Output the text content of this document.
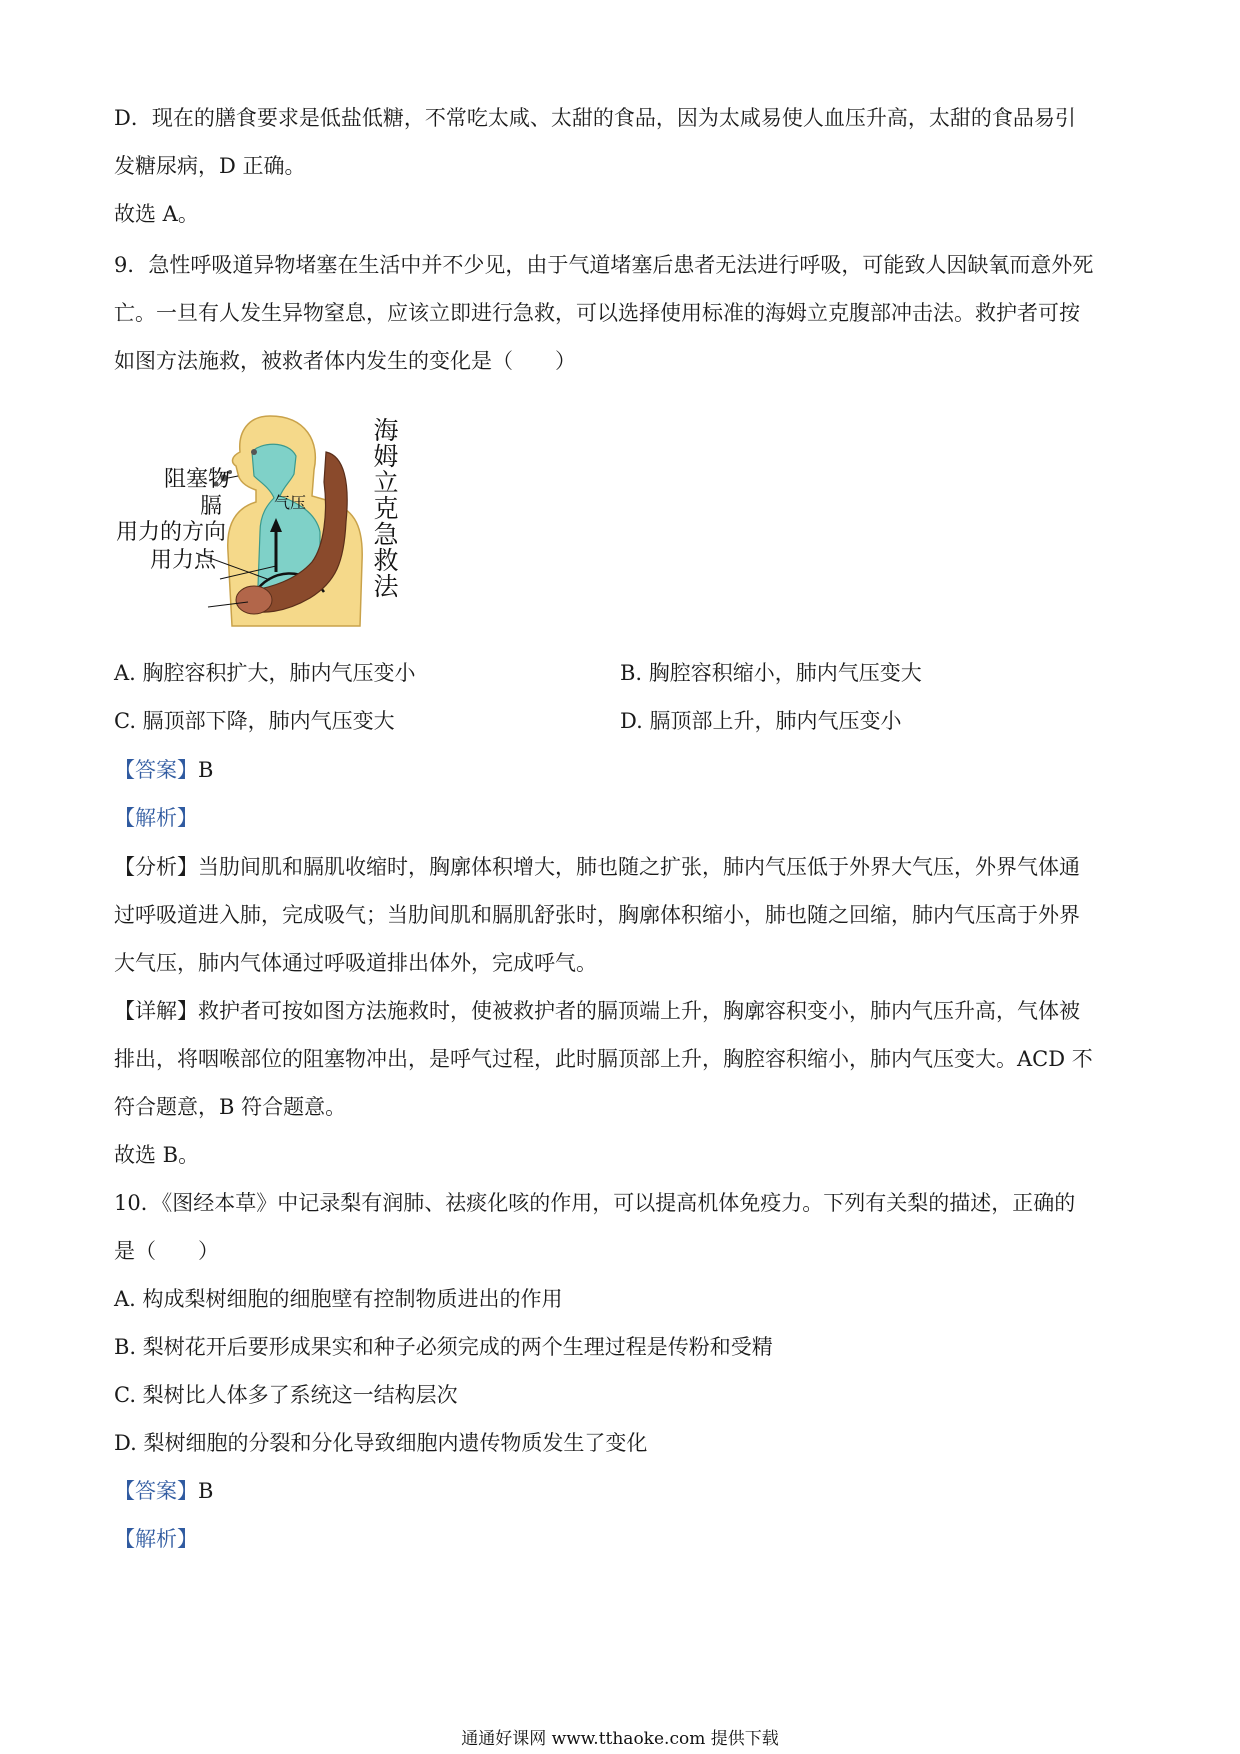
D．现在的膳食要求是低盐低糖，不常吃太咸、太甜的食品，因为太咸易使人血压升高，太甜的食品易引
发糖尿病，D 正确。
故选 A。
9．急性呼吸道异物堵塞在生活中并不少见，由于气道堵塞后患者无法进行呼吸，可能致人因缺氧而意外死
亡。一旦有人发生异物窒息，应该立即进行急救，可以选择使用标准的海姆立克腹部冲击法。救护者可按
如图方法施救，被救者体内发生的变化是（　　）
阻塞物
气压
膈
用力的方向
用力点
海姆立克急救法
A. 胸腔容积扩大，肺内气压变小	B. 胸腔容积缩小，肺内气压变大
C. 膈顶部下降，肺内气压变大	D. 膈顶部上升，肺内气压变小
【答案】B
【解析】
【分析】当肋间肌和膈肌收缩时，胸廓体积增大，肺也随之扩张，肺内气压低于外界大气压，外界气体通
过呼吸道进入肺，完成吸气；当肋间肌和膈肌舒张时，胸廓体积缩小，肺也随之回缩，肺内气压高于外界
大气压，肺内气体通过呼吸道排出体外，完成呼气。
【详解】救护者可按如图方法施救时，使被救护者的膈顶端上升，胸廓容积变小，肺内气压升高，气体被
排出，将咽喉部位的阻塞物冲出，是呼气过程，此时膈顶部上升，胸腔容积缩小，肺内气压变大。ACD 不
符合题意，B 符合题意。
故选 B。
10．《图经本草》中记录梨有润肺、祛痰化咳的作用，可以提高机体免疫力。下列有关梨的描述，正确的
是（　　）
A. 构成梨树细胞的细胞壁有控制物质进出的作用
B. 梨树花开后要形成果实和种子必须完成的两个生理过程是传粉和受精
C. 梨树比人体多了系统这一结构层次
D. 梨树细胞的分裂和分化导致细胞内遗传物质发生了变化
【答案】B
【解析】
通通好课网 www.tthaoke.com 提供下载
